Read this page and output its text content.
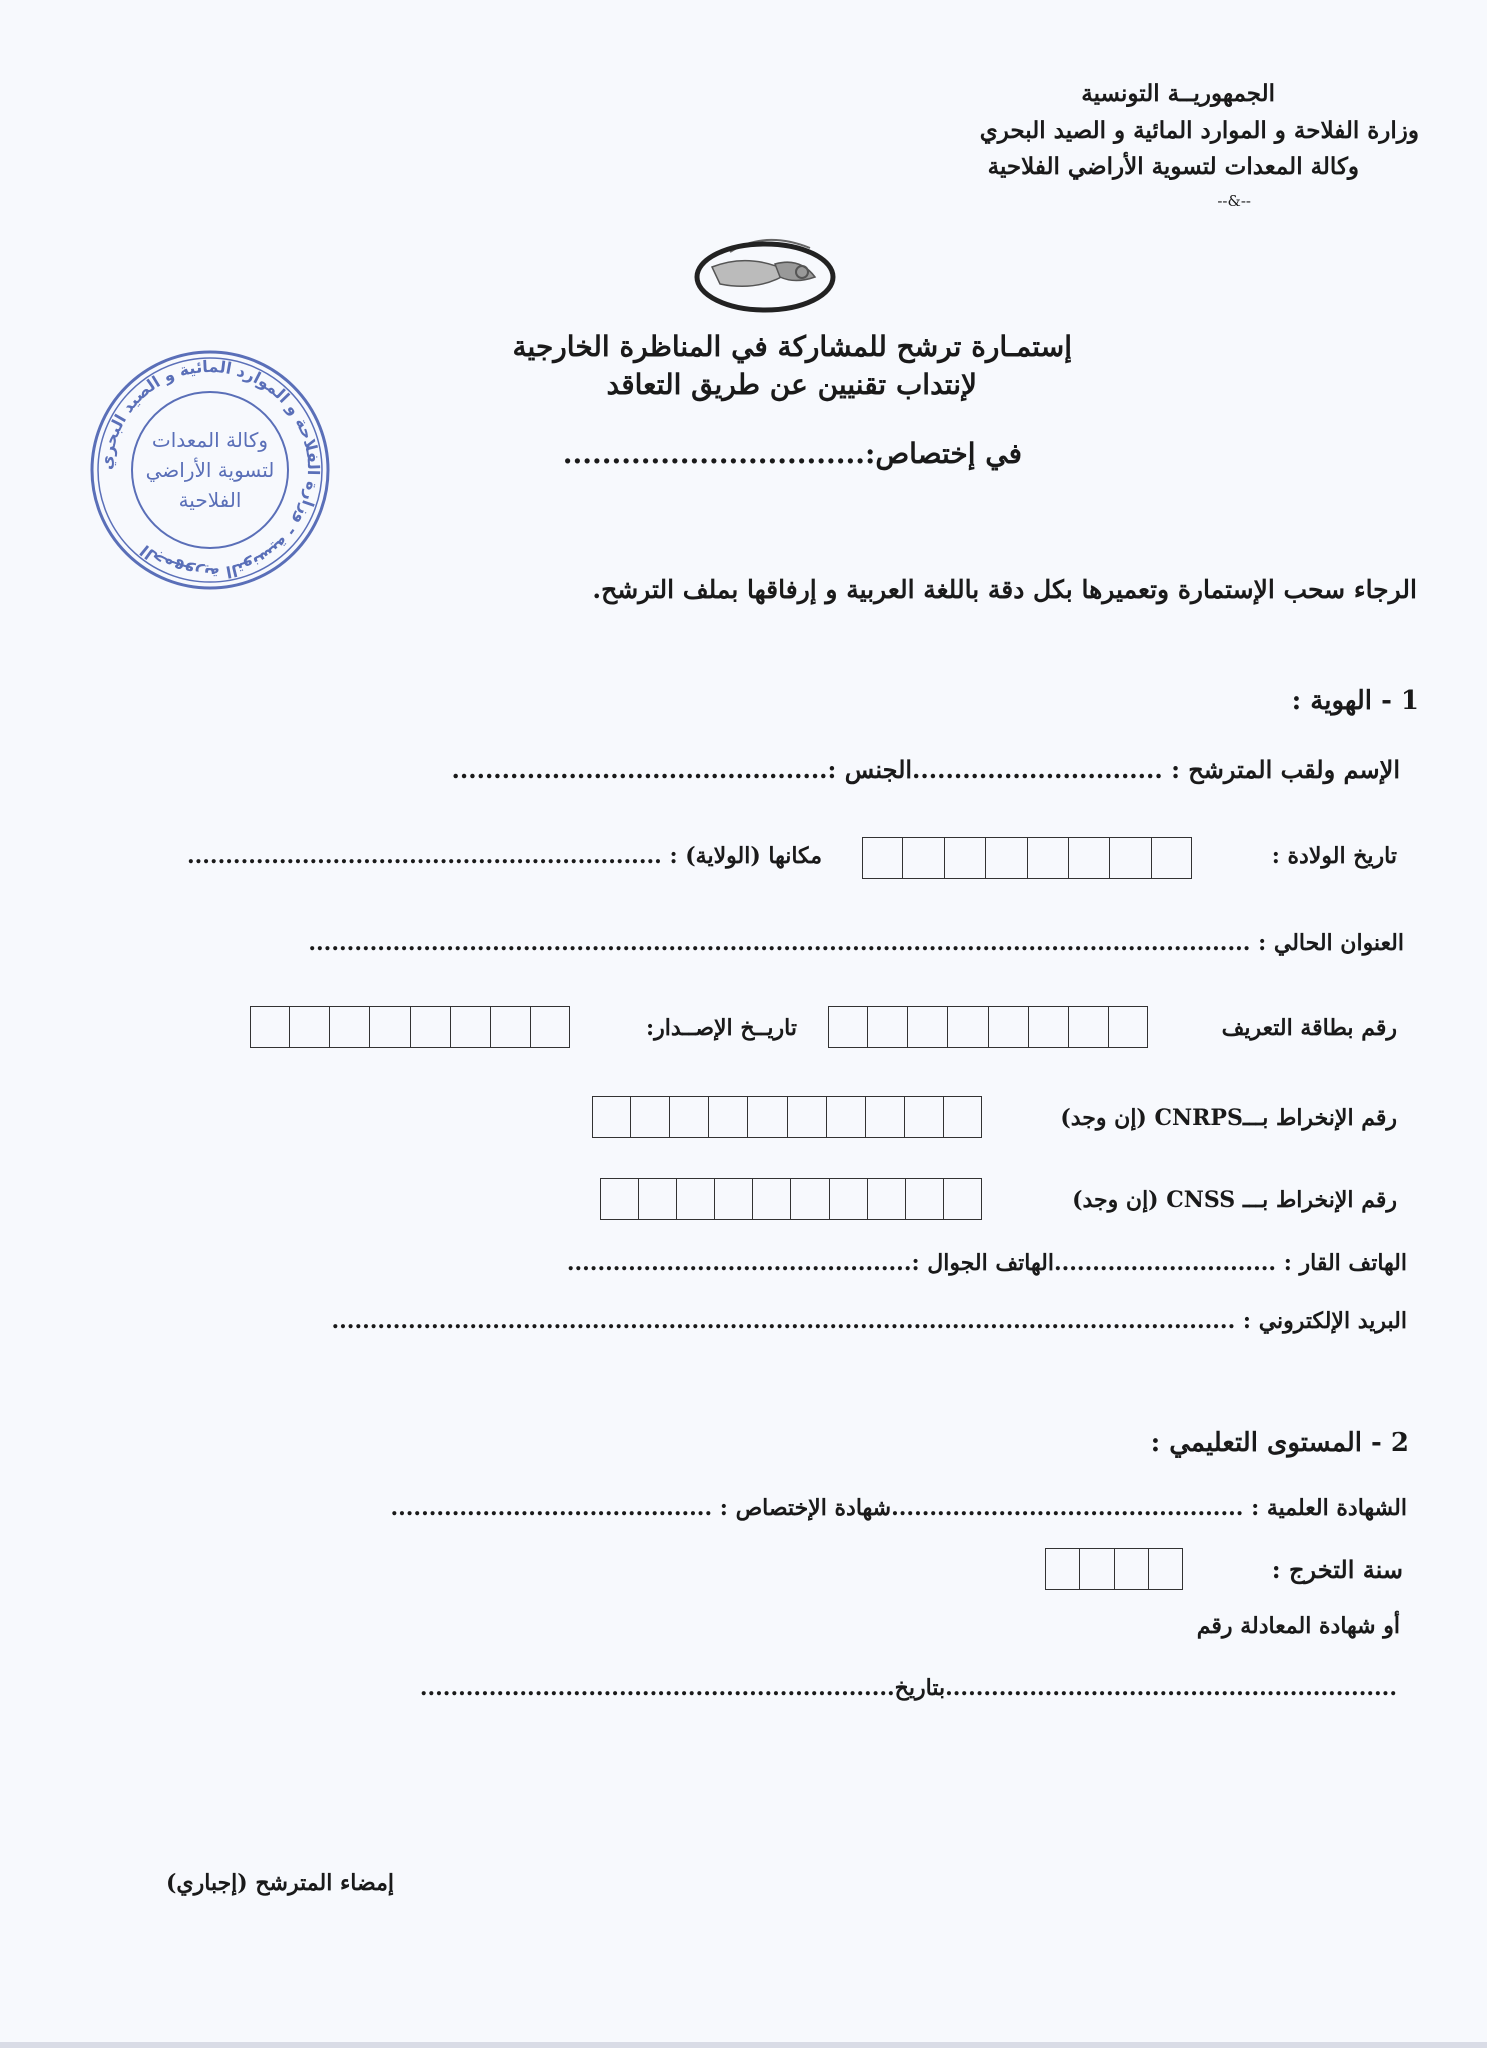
الجمهوريــة التونسية
وزارة الفلاحة و الموارد المائية و الصيد البحري
وكالة المعدات لتسوية الأراضي الفلاحية
--&--
الجمهورية التونسية - وزارة الفلاحة و الموارد المائية و الصيد البحري
وكالة المعدات
لتسوية الأراضي
الفلاحية
إستمـارة ترشح للمشاركة في المناظرة الخارجية
لإنتداب تقنيين عن طريق التعاقد
في إختصاص:...............................
الرجاء سحب الإستمارة وتعميرها بكل دقة باللغة العربية و إرفاقها بملف الترشح.
1 - الهوية :
الإسم ولقب المترشح : ..............................الجنس :.............................................
تاريخ الولادة :
مكانها (الولاية) : ..............................................................
العنوان الحالي : ...........................................................................................................................
رقم بطاقة التعريف
تاريــخ الإصــدار:
رقم الإنخراط بـــCNRPS (إن وجد)
رقم الإنخراط بـــ CNSS (إن وجد)
الهاتف القار : .............................الهاتف الجوال :.............................................
البريد الإلكتروني : ......................................................................................................................
2 - المستوى التعليمي :
الشهادة العلمية : ..............................................شهادة الإختصاص : ..........................................
سنة التخرج :
أو شهادة المعادلة رقم
...........................................................بتاريخ..............................................................
إمضاء المترشح (إجباري)
